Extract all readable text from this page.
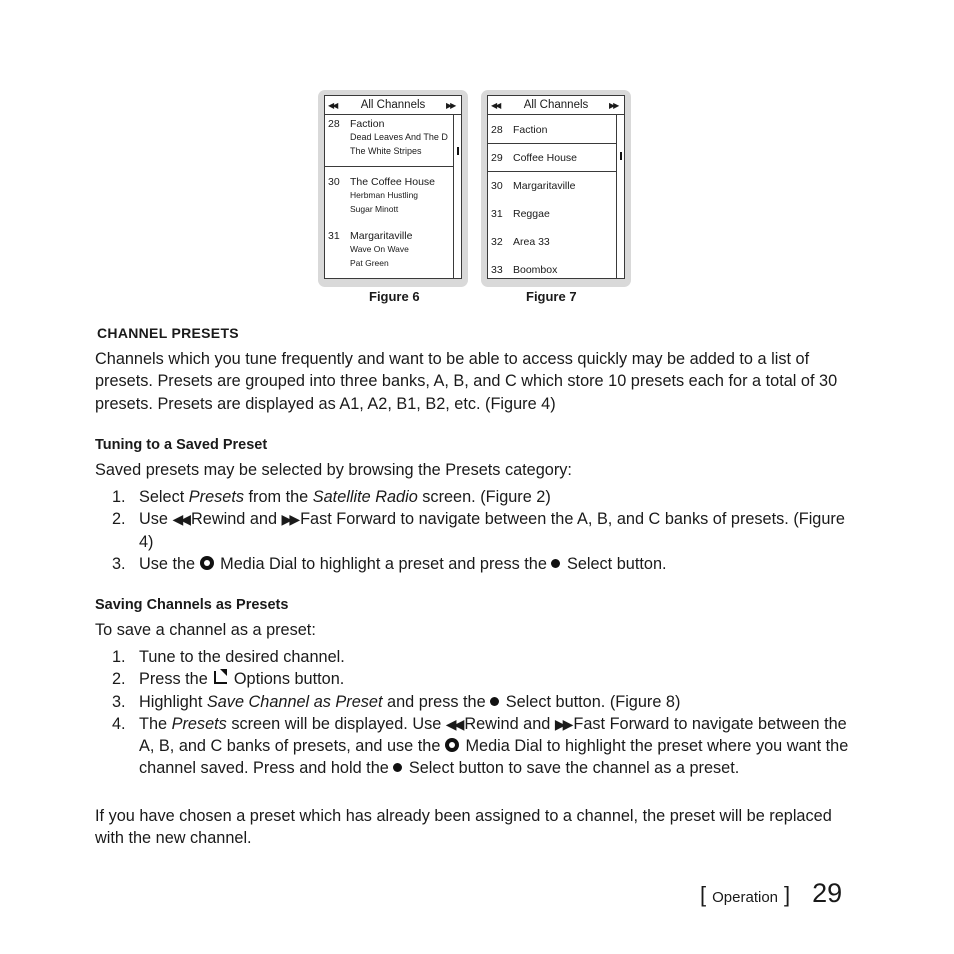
◀◀	All Channels	▶▶
28 Faction
Dead Leaves And The D
The White Stripes
30 The Coffee House
Herbman Hustling
Sugar Minott
31 Margaritaville
Wave On Wave
Pat Green
Figure 6
◀◀	All Channels	▶▶
28 Faction
29 Coffee House
30 Margaritaville
31 Reggae
32 Area 33
33 Boombox
Figure 7
CHANNEL PRESETS

Channels which you tune frequently and want to be able to access quickly may be added to a list of presets. Presets are grouped into three banks, A, B, and C which store 10 presets each for a total of 30 presets. Presets are displayed as A1, A2, B1, B2, etc. (Figure 4)

Tuning to a Saved Preset

Saved presets may be selected by browsing the Presets category:

1. Select Presets from the Satellite Radio screen. (Figure 2)
2. Use ◀◀ Rewind and ▶▶ Fast Forward to navigate between the A, B, and C banks of presets. (Figure 4)
3. Use the  Media Dial to highlight a preset and press the  Select button.
Saving Channels as Presets

To save a channel as a preset:

1. Tune to the desired channel.
2. Press the  Options button.
3. Highlight Save Channel as Preset and press the  Select button. (Figure 8)
4. The Presets screen will be displayed. Use ◀◀ Rewind and ▶▶ Fast Forward to navigate between the A, B, and C banks of presets, and use the  Media Dial to highlight the preset where you want the channel saved. Press and hold the  Select button to save the channel as a preset.

If you have chosen a preset which has already been assigned to a channel, the preset will be replaced with the new channel.

[ Operation ] 29
